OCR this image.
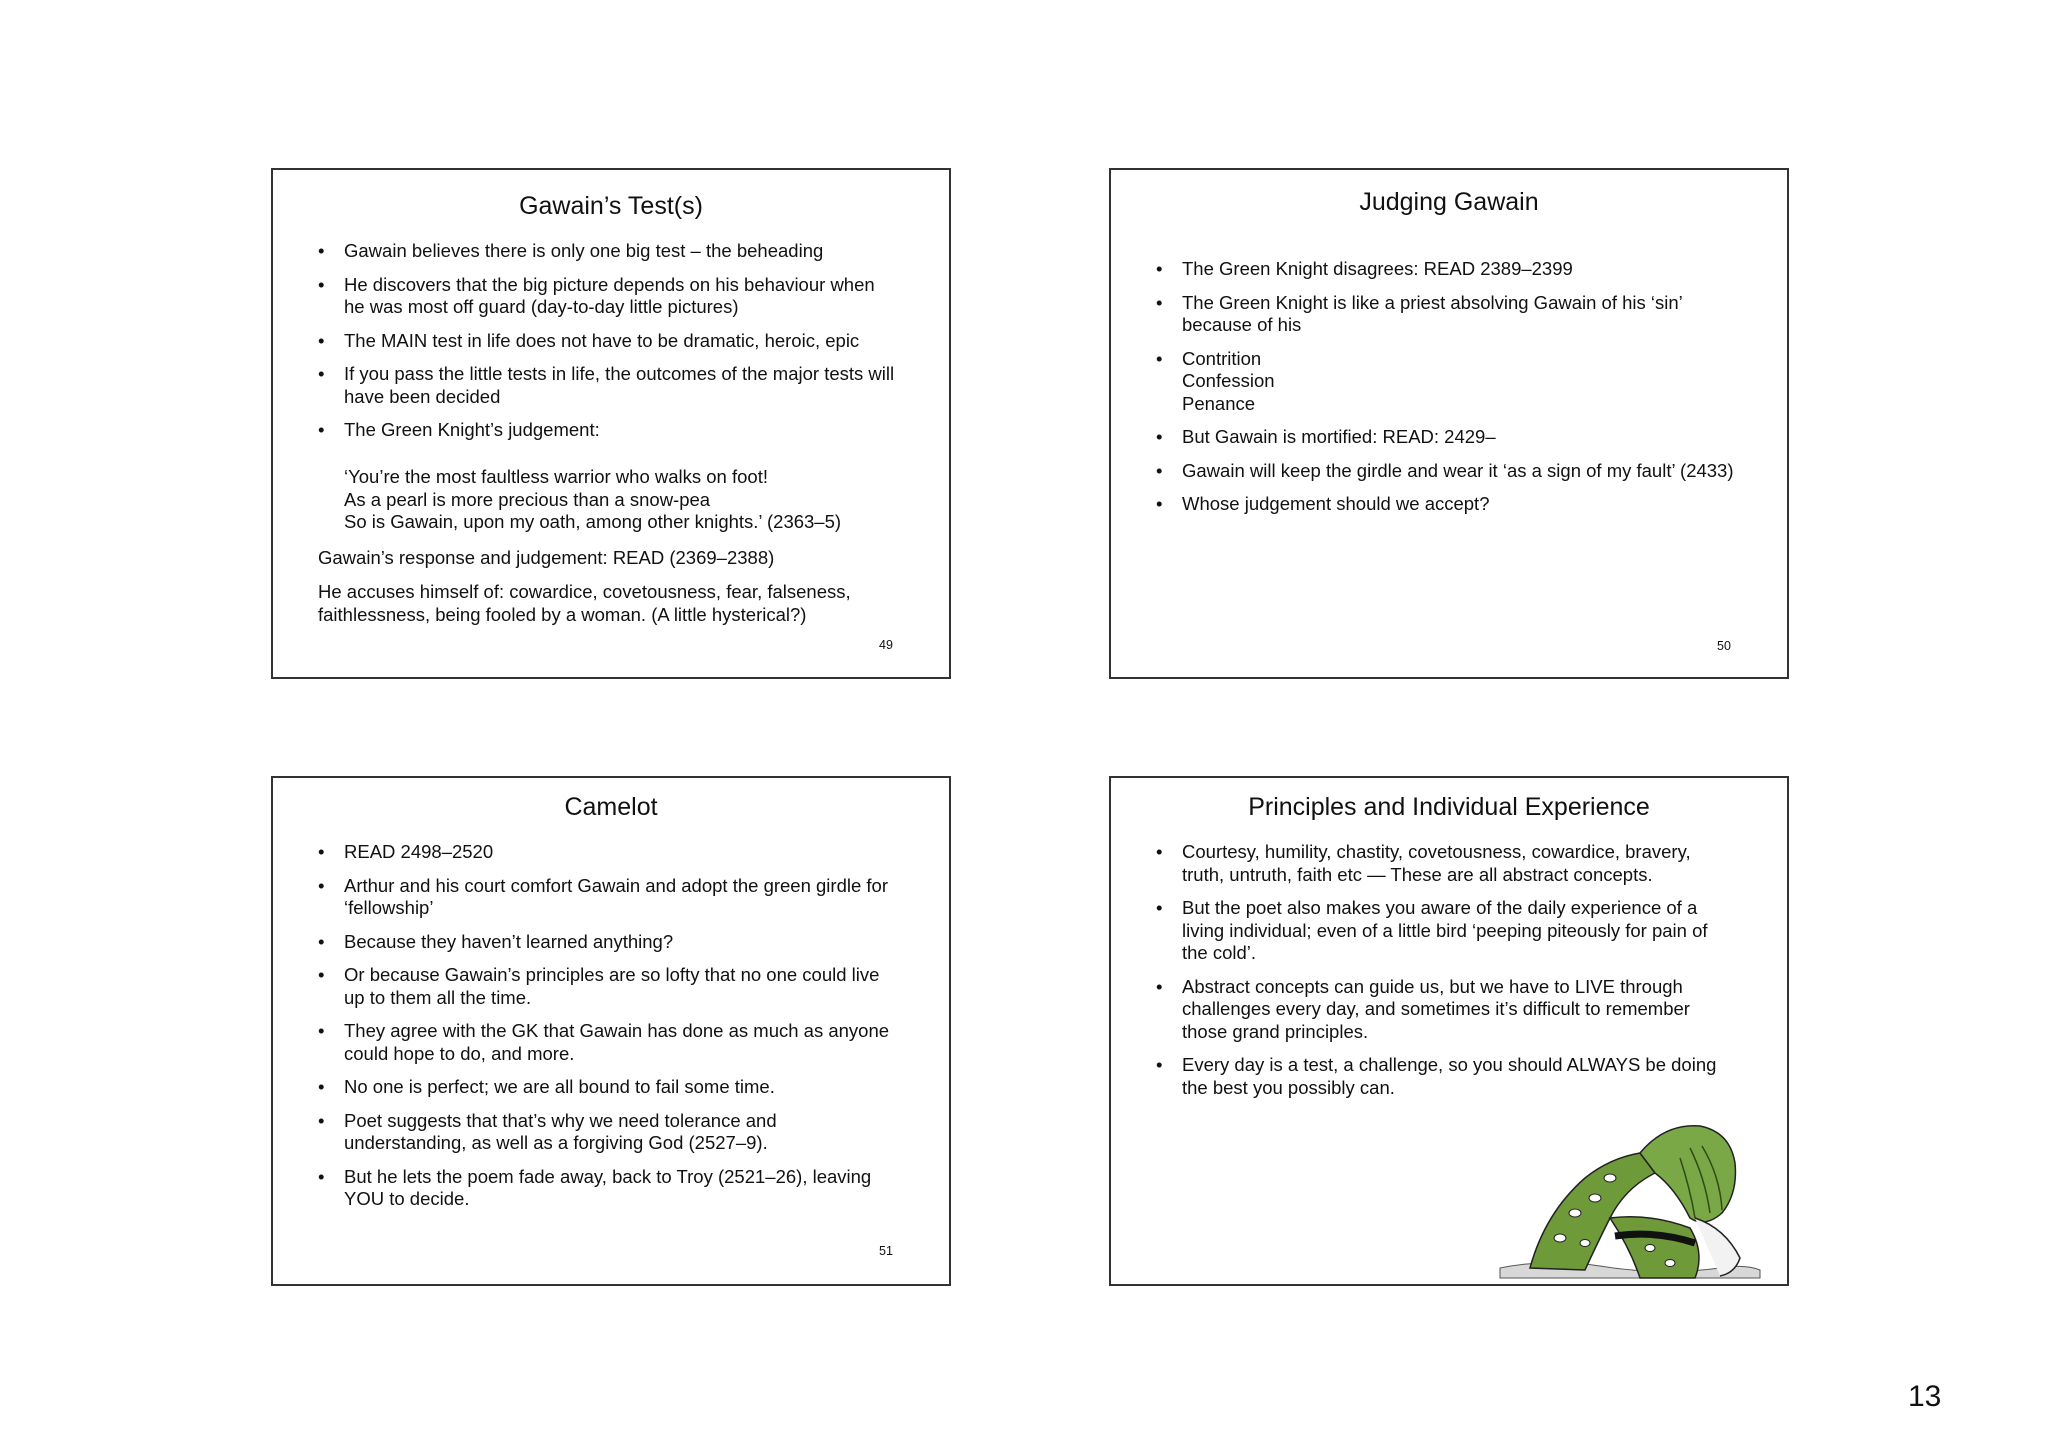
Gawain’s Test(s)
• Gawain believes there is only one big test – the beheading
• He discovers that the big picture depends on his behaviour when
he was most off guard (day-to-day little pictures)
• The MAIN test in life does not have to be dramatic, heroic, epic
• If you pass the little tests in life, the outcomes of the major tests will
have been decided
• The Green Knight’s judgement:
‘You’re the most faultless warrior who walks on foot!
As a pearl is more precious than a snow-pea
So is Gawain, upon my oath, among other knights.’ (2363–5)
Gawain’s response and judgement: READ (2369–2388)
He accuses himself of: cowardice, covetousness, fear, falseness,
faithlessness, being fooled by a woman. (A little hysterical?)
49
Judging Gawain
• The Green Knight disagrees: READ 2389–2399
• The Green Knight is like a priest absolving Gawain of his ‘sin’
because of his
• Contrition
Confession
Penance
• But Gawain is mortified: READ: 2429–
• Gawain will keep the girdle and wear it ‘as a sign of my fault’ (2433)
• Whose judgement should we accept?
50
Camelot
• READ 2498–2520
• Arthur and his court comfort Gawain and adopt the green girdle for
‘fellowship’
• Because they haven’t learned anything?
• Or because Gawain’s principles are so lofty that no one could live
up to them all the time.
• They agree with the GK that Gawain has done as much as anyone
could hope to do, and more.
• No one is perfect; we are all bound to fail some time.
• Poet suggests that that’s why we need tolerance and
understanding, as well as a forgiving God (2527–9).
• But he lets the poem fade away, back to Troy (2521–26), leaving
YOU to decide.
51
Principles and Individual Experience
• Courtesy, humility, chastity, covetousness, cowardice, bravery,
truth, untruth, faith etc — These are all abstract concepts.
• But the poet also makes you aware of the daily experience of a
living individual; even of a little bird ‘peeping piteously for pain of
the cold’.
• Abstract concepts can guide us, but we have to LIVE through
challenges every day, and sometimes it’s difficult to remember
those grand principles.
• Every day is a test, a challenge, so you should ALWAYS be doing
the best you possibly can.
13
